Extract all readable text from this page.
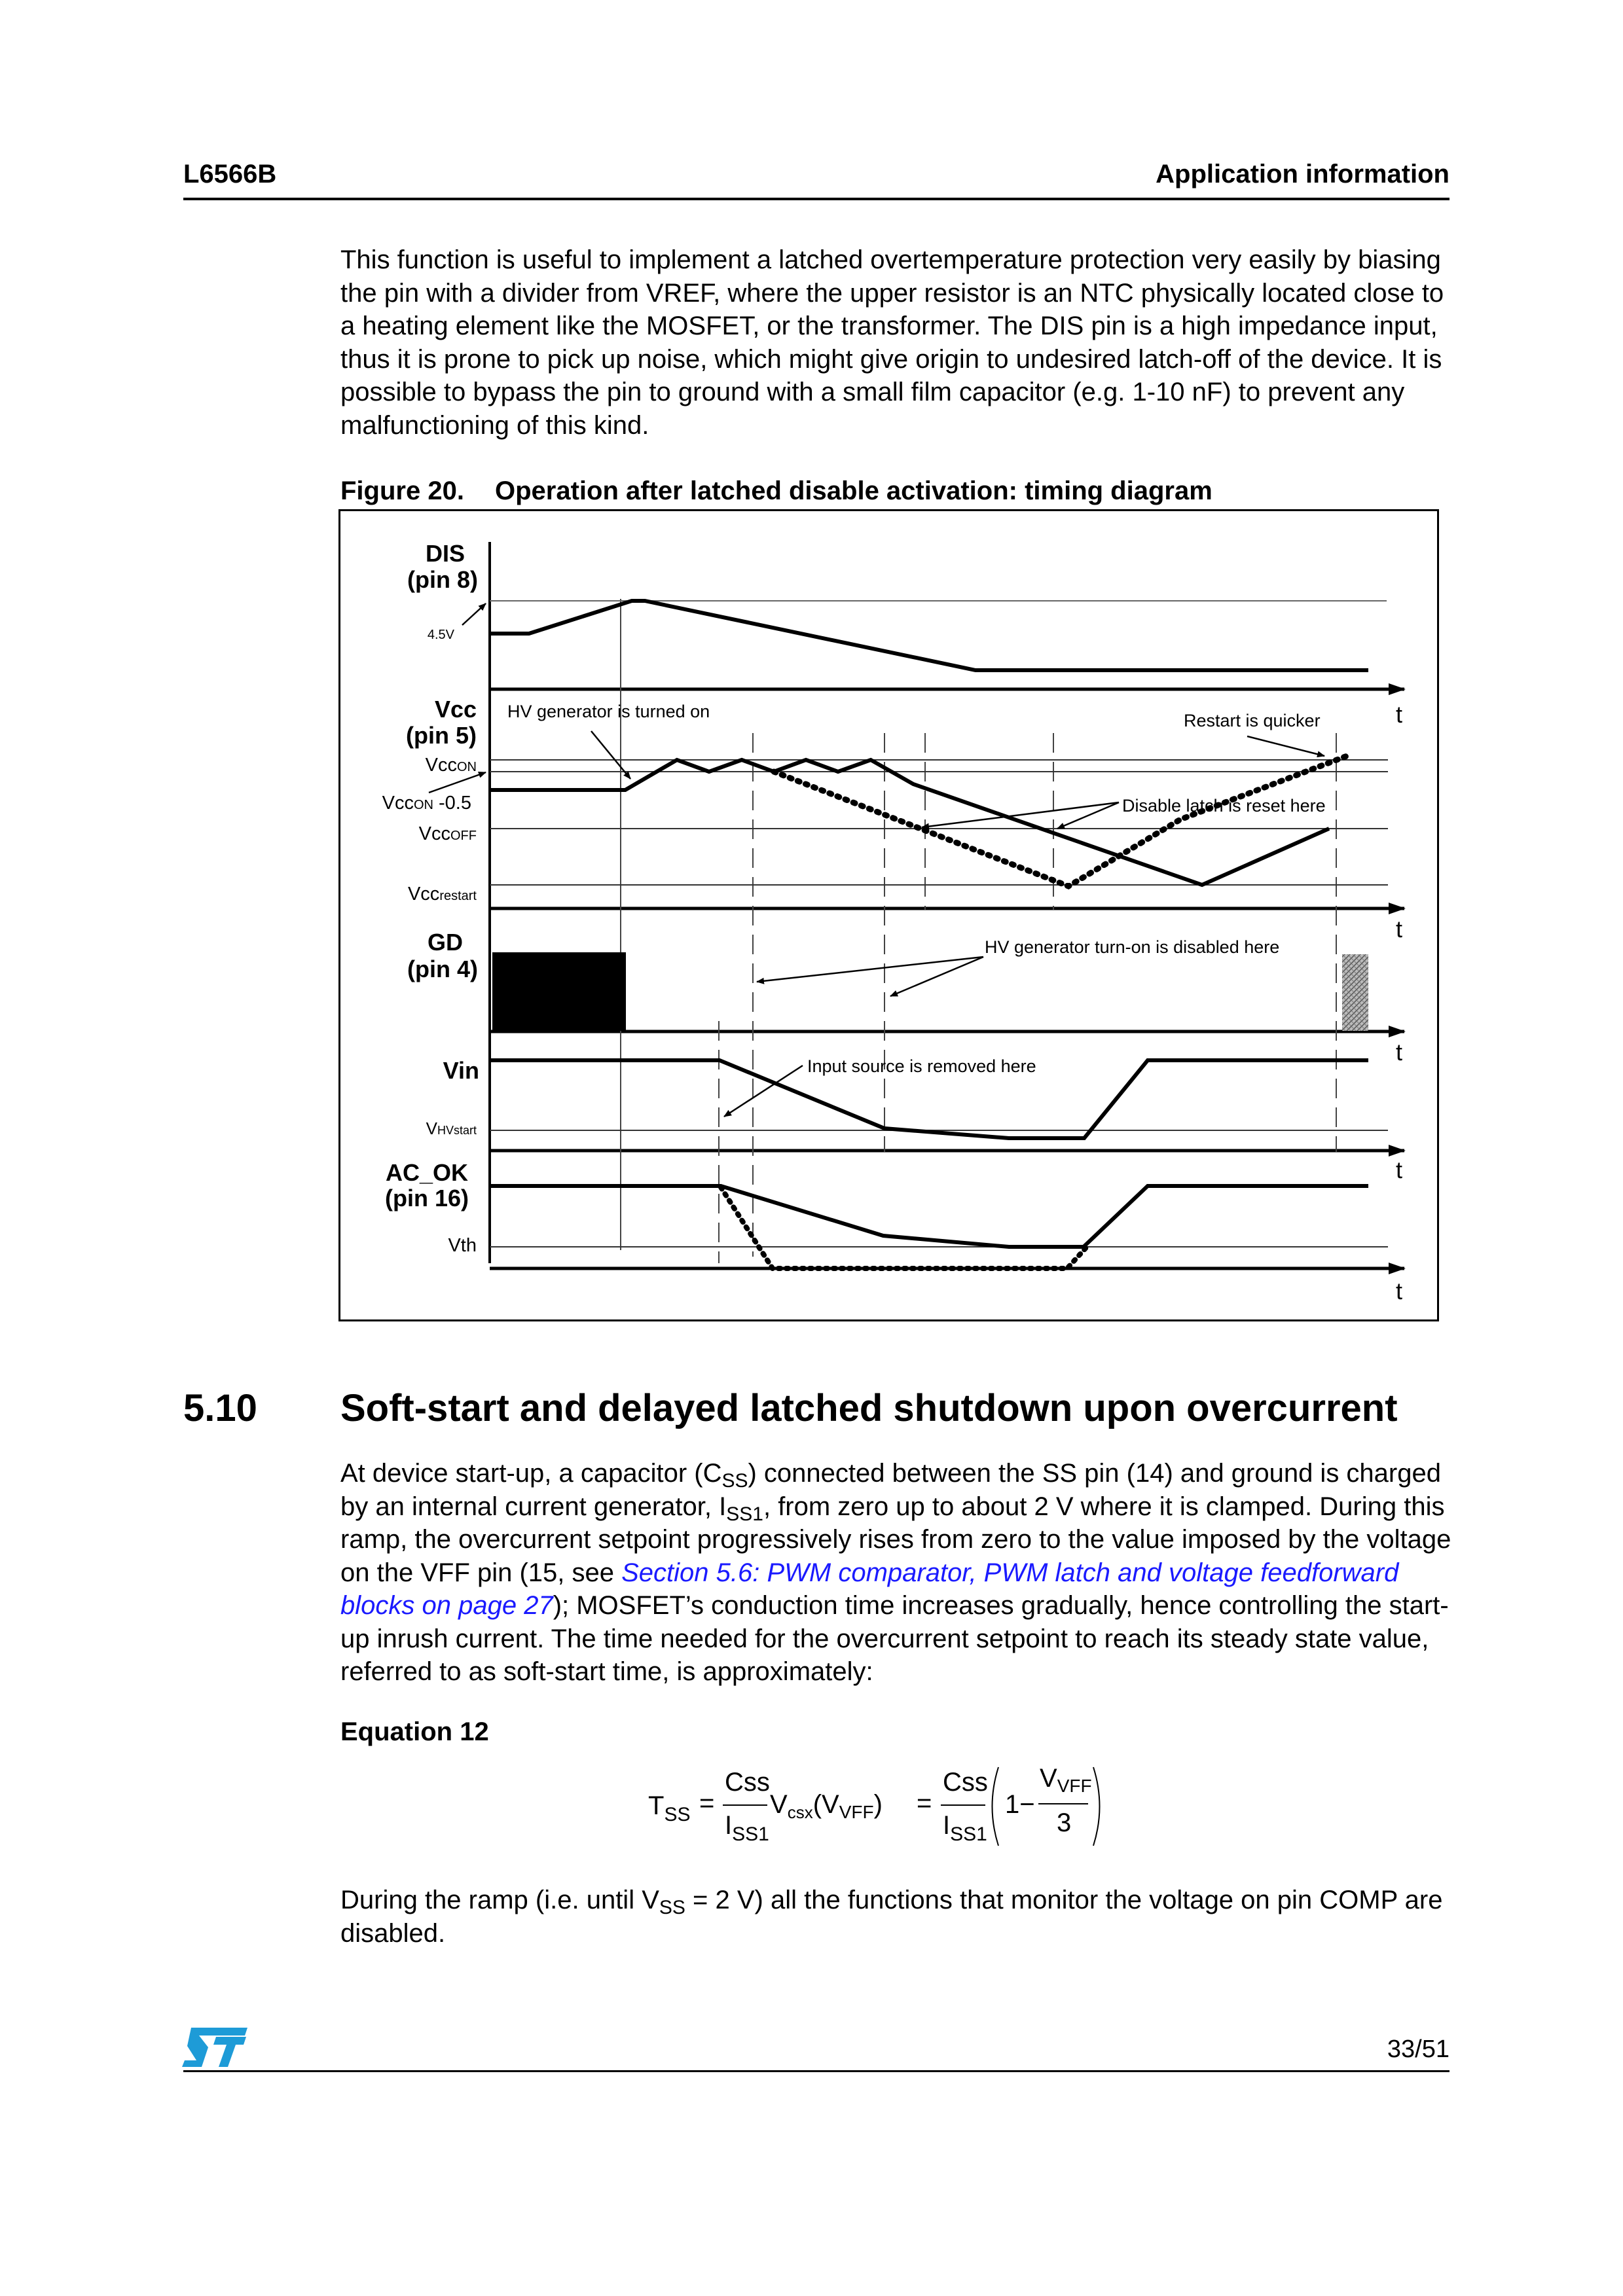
L6566B	Application information
This function is useful to implement a latched overtemperature protection very easily by biasing the pin with a divider from VREF, where the upper resistor is an NTC physically located close to a heating element like the MOSFET, or the transformer. The DIS pin is a high impedance input, thus it is prone to pick up noise, which might give origin to undesired latch-off of the device. It is possible to bypass the pin to ground with a small film capacitor (e.g. 1-10 nF) to prevent any malfunctioning of this kind.
Figure 20. Operation after latched disable activation: timing diagram
t
t
t
t
t
4.5V
DIS
(pin 8)
Vcc
(pin 5)
VccON
VccON -0.5
VccOFF
Vccrestart
HV generator is turned on	Restart is quicker
Disable latch is reset here
GD
(pin 4)
HV generator turn-on is disabled here
Vin
VHVstart
Input source is removed here
AC_OK
(pin 16)
Vth
5.10 Soft-start and delayed latched shutdown upon overcurrent
At device start-up, a capacitor $(C_{SS})$ connected between the SS pin (14) and ground is charged by an internal current generator, $I_{SS1}$, from zero up to about 2 V where it is clamped. During this ramp, the overcurrent setpoint progressively rises from zero to the value imposed by the voltage on the VFF pin (15, see Section 5.6: PWM comparator, PWM latch and voltage feedforward blocks on page 27); MOSFET’s conduction time increases gradually, hence controlling the start-up inrush current. The time needed for the overcurrent setpoint to reach its steady state value, referred to as soft-start time, is approximately:
Equation 12
$T_{SS}$ =
Css
$I_{SS1}$
$V_{csx}(V_{VFF})$ =
Css
$I_{SS1}$
1−
$V_{VFF}$
3
During the ramp (i.e. until $V_{SS} = 2$ V) all the functions that monitor the voltage on pin COMP are disabled.
33/51
